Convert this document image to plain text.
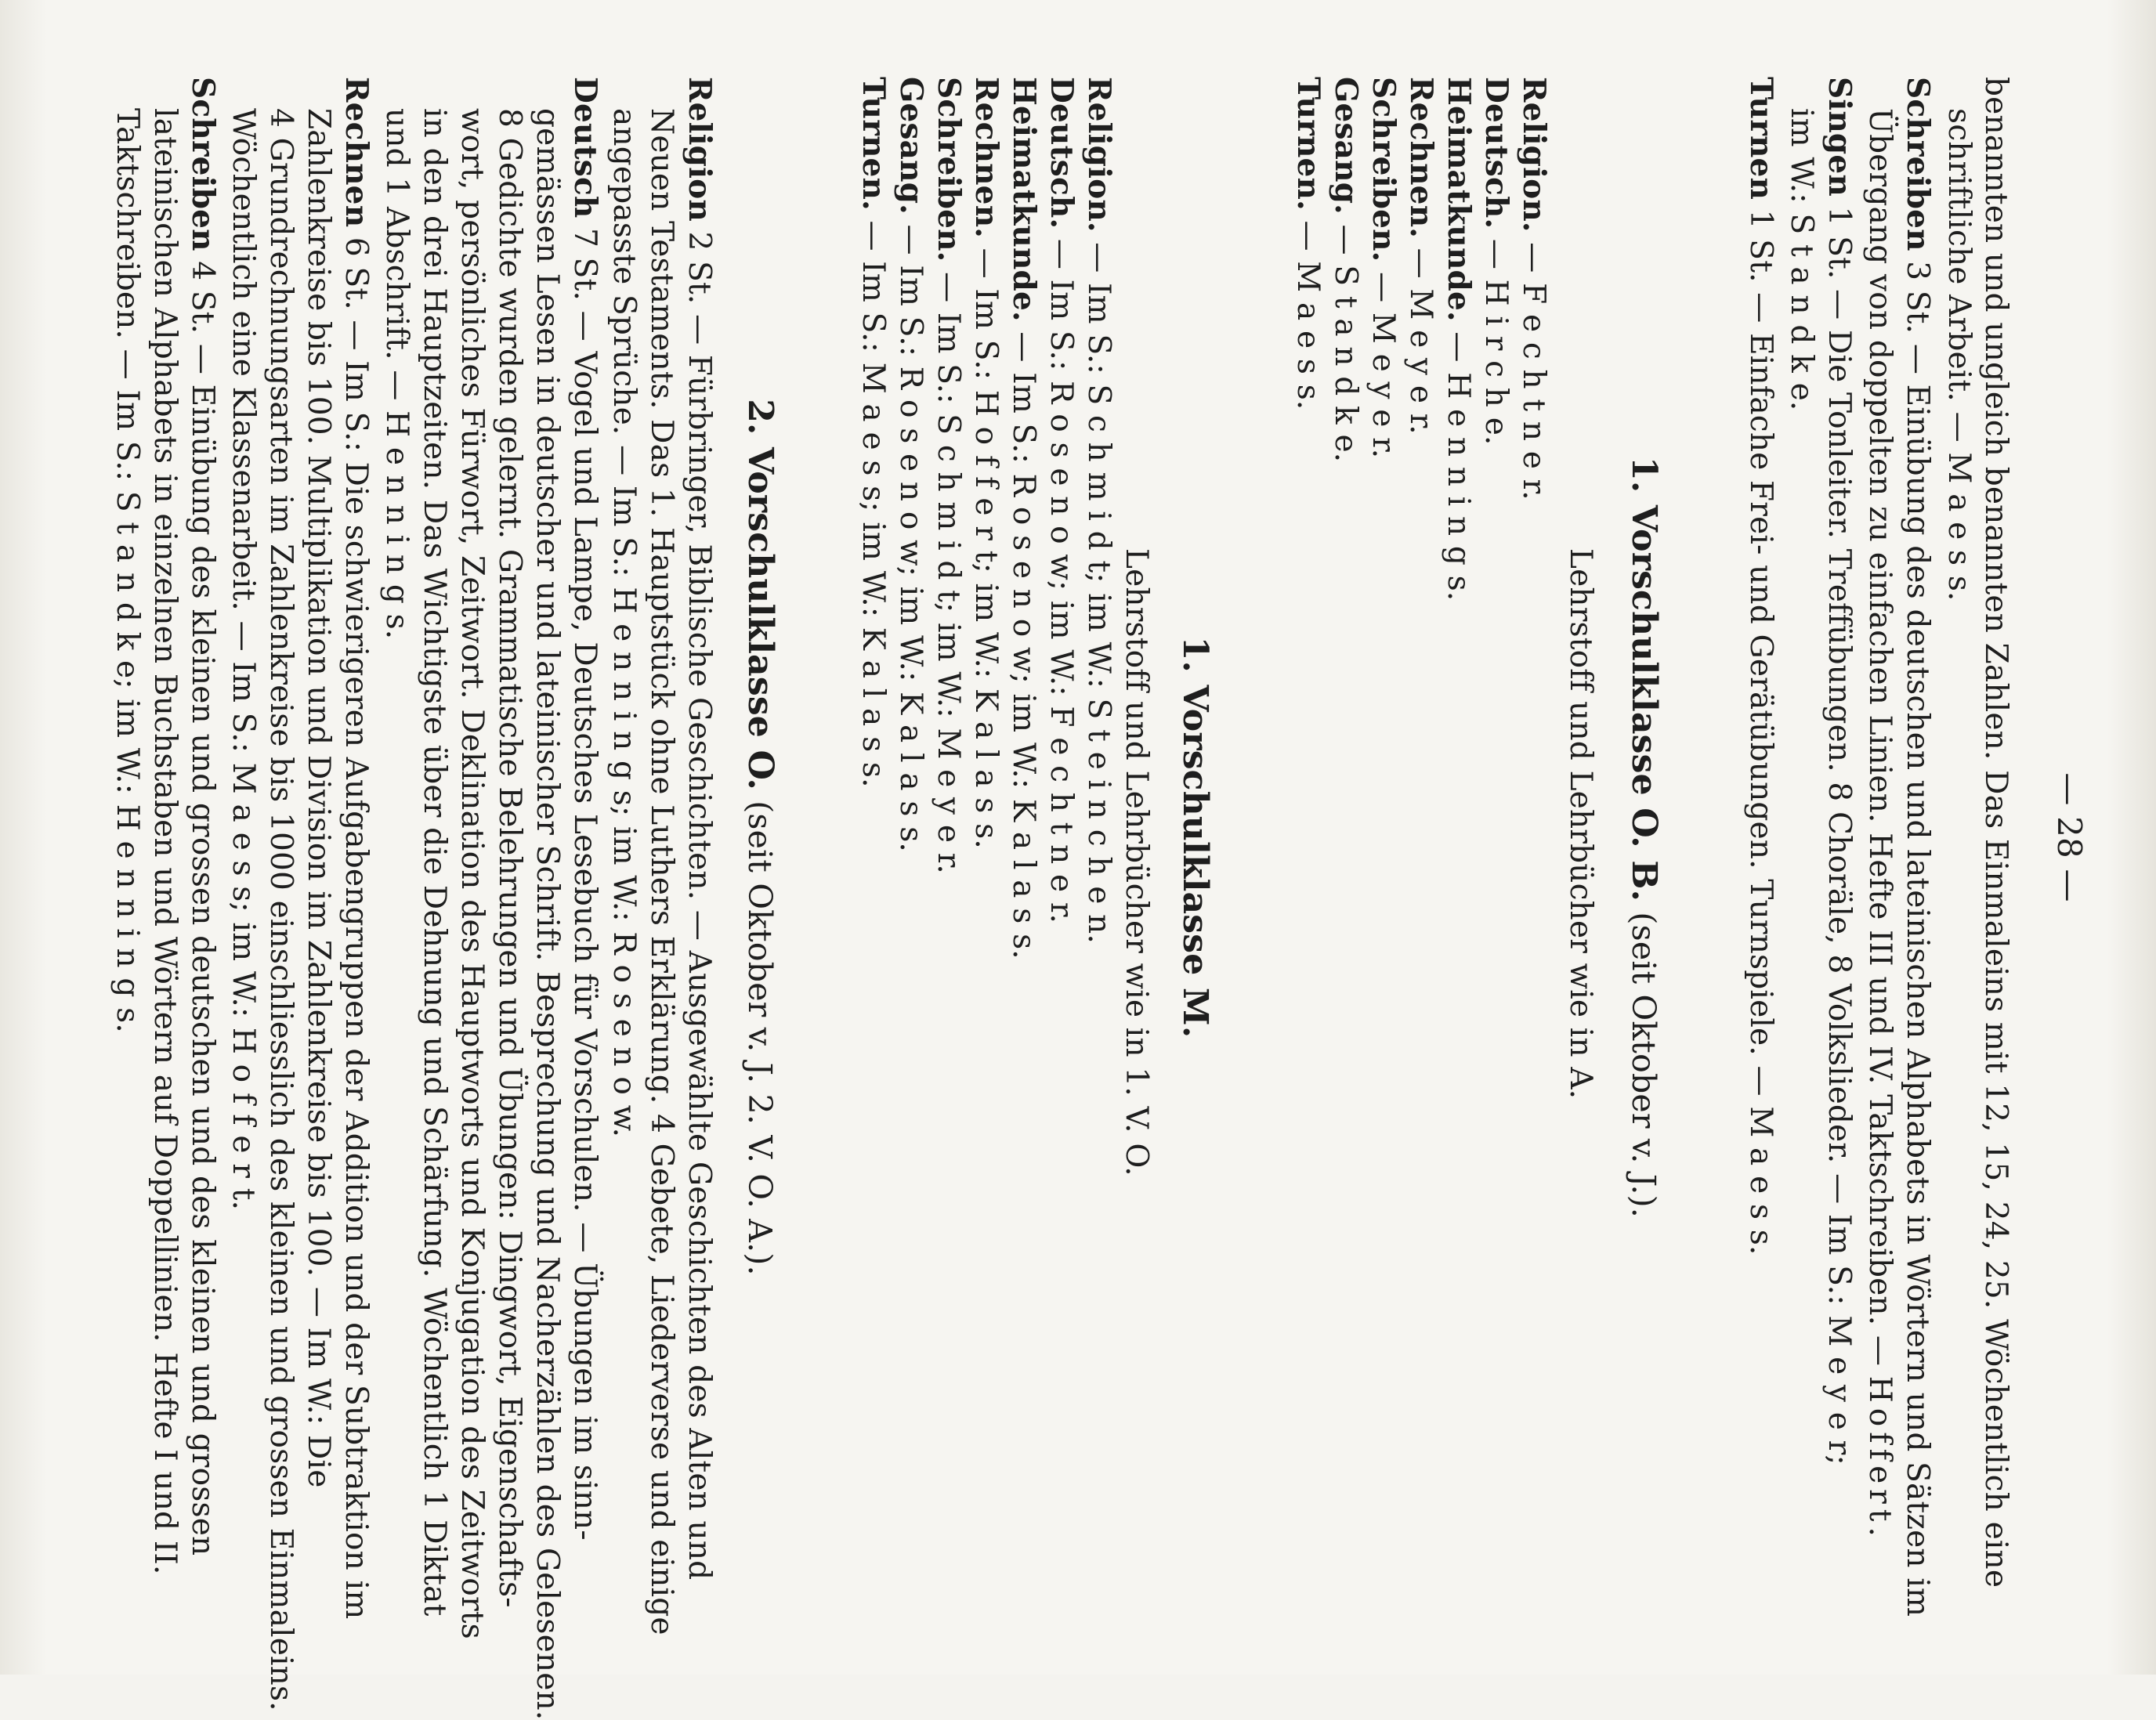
— 28 —
benannten und ungleich benannten Zahlen. Das Einmaleins mit 12, 15, 24, 25. Wöchentlich eine
schriftliche Arbeit. — M a e s s.
Schreiben 3 St. — Einübung des deutschen und lateinischen Alphabets in Wörtern und Sätzen im
Übergang von doppelten zu einfachen Linien. Hefte III und IV. Taktschreiben. — Hoffert.
Singen 1 St. — Die Tonleiter. Treffübungen. 8 Choräle, 8 Volkslieder. — Im S.: M e y e r;
im W.: S t a n d k e.
Turnen 1 St. — Einfache Frei- und Gerätübungen. Turnspiele. — M a e s s.
1. Vorschulklasse O. B. (seit Oktober v. J.).
Lehrstoff und Lehrbücher wie in A.
Religion. — F e c h t n e r.
Deutsch. — H i r c h e.
Heimatkunde. — H e n n i n g s.
Rechnen. — M e y e r.
Schreiben. — M e y e r.
Gesang. — S t a n d k e.
Turnen. — M a e s s.
1. Vorschulklasse M.
Lehrstoff und Lehrbücher wie in 1. V. O.
Religion. — Im S.: S c h m i d t; im W.: S t e i n c h e n.
Deutsch. — Im S.: R o s e n o w; im W.: F e c h t n e r.
Heimatkunde. — Im S.: R o s e n o w; im W.: K a l a s s.
Rechnen. — Im S.: H o f f e r t; im W.: K a l a s s.
Schreiben. — Im S.: S c h m i d t; im W.: M e y e r.
Gesang. — Im S.: R o s e n o w; im W.: K a l a s s.
Turnen. — Im S.: M a e s s; im W.: K a l a s s.
2. Vorschulklasse O. (seit Oktober v. J. 2. V. O. A.).
Religion 2 St. — Fürbringer, Biblische Geschichten. — Ausgewählte Geschichten des Alten und
Neuen Testaments. Das 1. Hauptstück ohne Luthers Erklärung. 4 Gebete, Liederverse und einige
angepasste Sprüche. — Im S.: H e n n i n g s; im W.: R o s e n o w.
Deutsch 7 St. — Vogel und Lampe, Deutsches Lesebuch für Vorschulen. — Übungen im sinn-
gemässen Lesen in deutscher und lateinischer Schrift. Besprechung und Nacherzählen des Gelesenen.
8 Gedichte wurden gelernt. Grammatische Belehrungen und Übungen: Dingwort, Eigenschafts-
wort, persönliches Fürwort, Zeitwort. Deklination des Hauptworts und Konjugation des Zeitworts
in den drei Hauptzeiten. Das Wichtigste über die Dehnung und Schärfung. Wöchentlich 1 Diktat
und 1 Abschrift. — H e n n i n g s.
Rechnen 6 St. — Im S.: Die schwierigeren Aufgabengruppen der Addition und der Subtraktion im
Zahlenkreise bis 100. Multiplikation und Division im Zahlenkreise bis 100. — Im W.: Die
4 Grundrechnungsarten im Zahlenkreise bis 1000 einschliesslich des kleinen und grossen Einmaleins.
Wöchentlich eine Klassenarbeit. — Im S.: M a e s s; im W.: H o f f e r t.
Schreiben 4 St. — Einübung des kleinen und grossen deutschen und des kleinen und grossen
lateinischen Alphabets in einzelnen Buchstaben und Wörtern auf Doppellinien. Hefte I und II.
Taktschreiben. — Im S.: S t a n d k e; im W.: H e n n i n g s.
